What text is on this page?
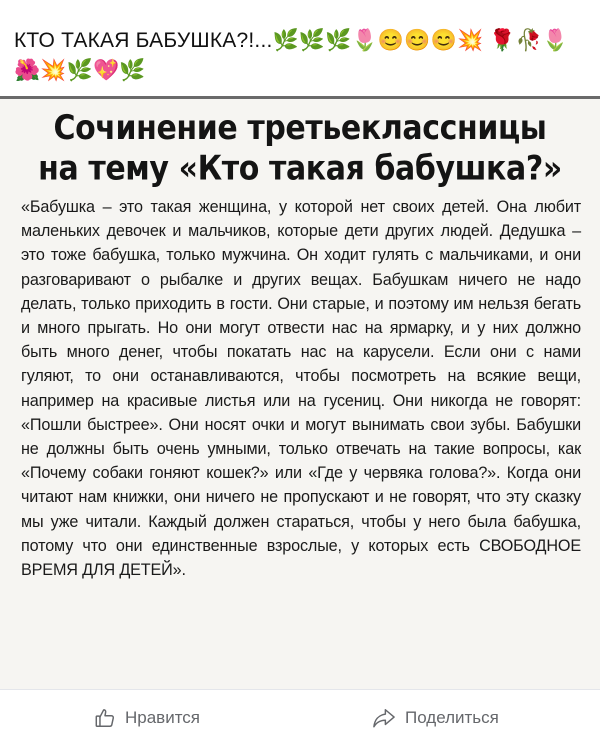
КТО ТАКАЯ БАБУШКА?!...🌿🌿🌿🌷😊😊😊💥 🌹🥀🌷🌺💥🌿💖🌿

Сочинение третьеклассницы
на тему «Кто такая бабушка?»

«Бабушка – это такая женщина, у которой нет своих детей. Она любит маленьких девочек и мальчиков, которые дети других людей. Дедушка – это тоже бабушка, только мужчина. Он ходит гулять с мальчиками, и они разговаривают о рыбалке и других вещах. Бабушкам ничего не надо делать, только приходить в гости. Они старые, и поэтому им нельзя бегать и много прыгать. Но они могут отвести нас на ярмарку, и у них должно быть много денег, чтобы покатать нас на карусели. Если они с нами гуляют, то они останавливаются, чтобы посмотреть на всякие вещи, например на красивые листья или на гусениц. Они никогда не говорят: «Пошли быстрее». Они носят очки и могут вынимать свои зубы. Бабушки не должны быть очень умными, только отвечать на такие вопросы, как «Почему собаки гоняют кошек?» или «Где у червяка голова?». Когда они читают нам книжки, они ничего не пропускают и не говорят, что эту сказку мы уже читали. Каждый должен стараться, чтобы у него была бабушка, потому что они единственные взрослые, у которых есть СВОБОДНОЕ ВРЕМЯ ДЛЯ ДЕТЕЙ».

Нравится	Поделиться
